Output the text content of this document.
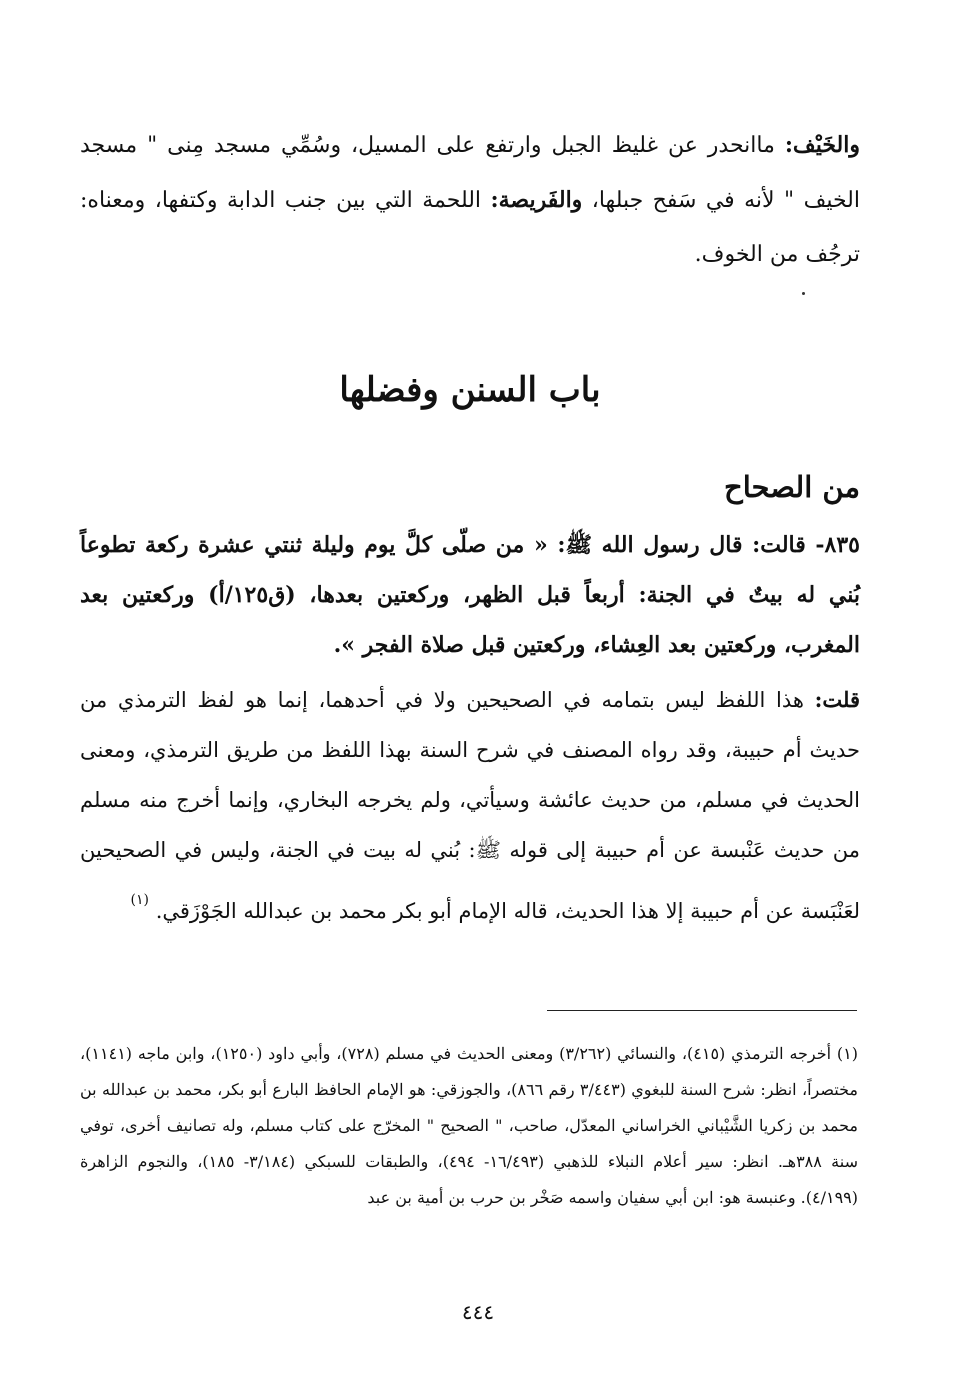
والخَيْف: ماانحدر عن غليظ الجبل وارتفع على المسيل، وسُمِّي مسجد مِنى " مسجد الخيف " لأنه في سَفح جبلها، والفَريصة: اللحمة التي بين جنب الدابة وكتفها، ومعناه: ترجُف من الخوف.
باب السنن وفضلها
من الصحاح
٨٣٥- قالت: قال رسول الله ﷺ: « من صلّى كلَّ يوم وليلة ثنتي عشرة ركعة تطوعاً بُني له بيتٌ في الجنة: أربعاً قبل الظهر، وركعتين بعدها، (ق١٢٥/أ) وركعتين بعد المغرب، وركعتين بعد العِشاء، وركعتين قبل صلاة الفجر ».
قلت: هذا اللفظ ليس بتمامه في الصحيحين ولا في أحدهما، إنما هو لفظ الترمذي من حديث أم حبيبة، وقد رواه المصنف في شرح السنة بهذا اللفظ من طريق الترمذي، ومعنى الحديث في مسلم، من حديث عائشة وسيأتي، ولم يخرجه البخاري، وإنما أخرج منه مسلم من حديث عَنْبسة عن أم حبيبة إلى قوله ﷺ: بُني له بيت في الجنة، وليس في الصحيحين لعَنْبَسة عن أم حبيبة إلا هذا الحديث، قاله الإمام أبو بكر محمد بن عبدالله الجَوْزَقي. $^{(١)}$
(١) أخرجه الترمذي (٤١٥)، والنسائي (٣/٢٦٢) ومعنى الحديث في مسلم (٧٢٨)، وأبي داود (١٢٥٠)، وابن ماجه (١١٤١)، مختصراً، انظر: شرح السنة للبغوي (٣/٤٤٣ رقم ٨٦٦)، والجوزقي: هو الإمام الحافظ البارع أبو بكر، محمد بن عبدالله بن محمد بن زكريا الشَّيْباني الخراساني المعدّل، صاحب، " الصحيح " المخرّج على كتاب مسلم، وله تصانيف أخرى، توفي سنة ٣٨٨هـ. انظر: سير أعلام النبلاء للذهبي (١٦/٤٩٣- ٤٩٤)، والطبقات للسبكي (٣/١٨٤- ١٨٥)، والنجوم الزاهرة (٤/١٩٩). وعنبسة هو: ابن أبي سفيان واسمه صَخْر بن حرب بن أمية بن عبد
٤٤٤
